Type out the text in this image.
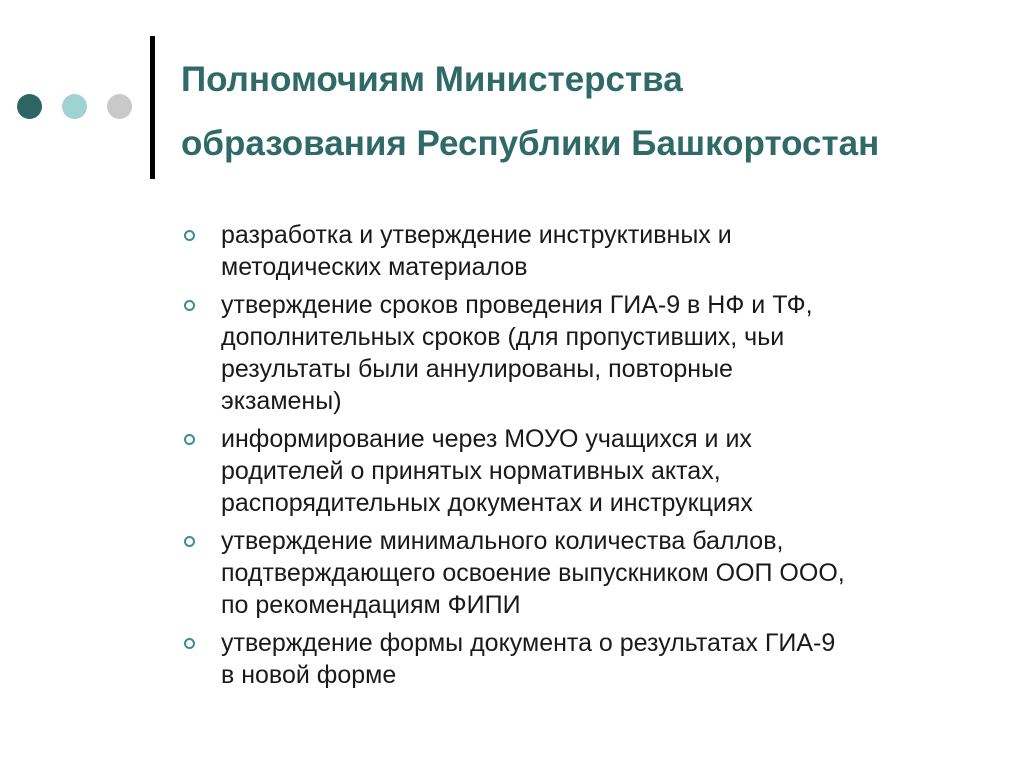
Полномочиям Министерства
образования Республики Башкортостан
разработка и утверждение инструктивных и
методических материалов
утверждение сроков проведения ГИА-9 в НФ и ТФ,
дополнительных сроков (для пропустивших, чьи
результаты были аннулированы, повторные
экзамены)
информирование через МОУО учащихся и их
родителей о принятых нормативных актах,
распорядительных документах и инструкциях
утверждение минимального количества баллов,
подтверждающего освоение выпускником ООП ООО,
по рекомендациям ФИПИ
утверждение формы документа о результатах ГИА-9
в новой форме
